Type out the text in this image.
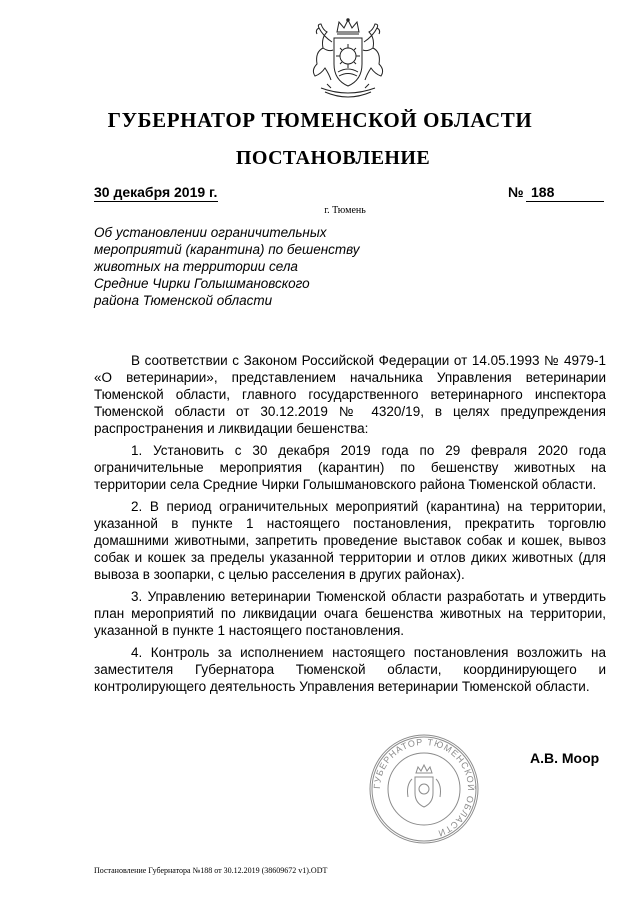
ГУБЕРНАТОР ТЮМЕНСКОЙ ОБЛАСТИ
ПОСТАНОВЛЕНИЕ
30 декабря 2019 г.	№ 188
г. Тюмень
Об установлении ограничительных
мероприятий (карантина) по бешенству
животных на территории села
Средние Чирки Голышмановского
района Тюменской области

В соответствии с Законом Российской Федерации от 14.05.1993 № 4979-1 «О ветеринарии», представлением начальника Управления ветеринарии Тюменской области, главного государственного ветеринарного инспектора Тюменской области от 30.12.2019 № 4320/19, в целях предупреждения распространения и ликвидации бешенства:

1. Установить с 30 декабря 2019 года по 29 февраля 2020 года ограничительные мероприятия (карантин) по бешенству животных на территории села Средние Чирки Голышмановского района Тюменской области.

2. В период ограничительных мероприятий (карантина) на территории, указанной в пункте 1 настоящего постановления, прекратить торговлю домашними животными, запретить проведение выставок собак и кошек, вывоз собак и кошек за пределы указанной территории и отлов диких животных (для вывоза в зоопарки, с целью расселения в других районах).

3. Управлению ветеринарии Тюменской области разработать и утвердить план мероприятий по ликвидации очага бешенства животных на территории, указанной в пункте 1 настоящего постановления.

4. Контроль за исполнением настоящего постановления возложить на заместителя Губернатора Тюменской области, координирующего и контролирующего деятельность Управления ветеринарии Тюменской области.

ГУБЕРНАТОР ТЮМЕНСКОЙ ОБЛАСТИ
А.В. Моор
Постановление Губернатора №188 от 30.12.2019 (38609672 v1).ODT
